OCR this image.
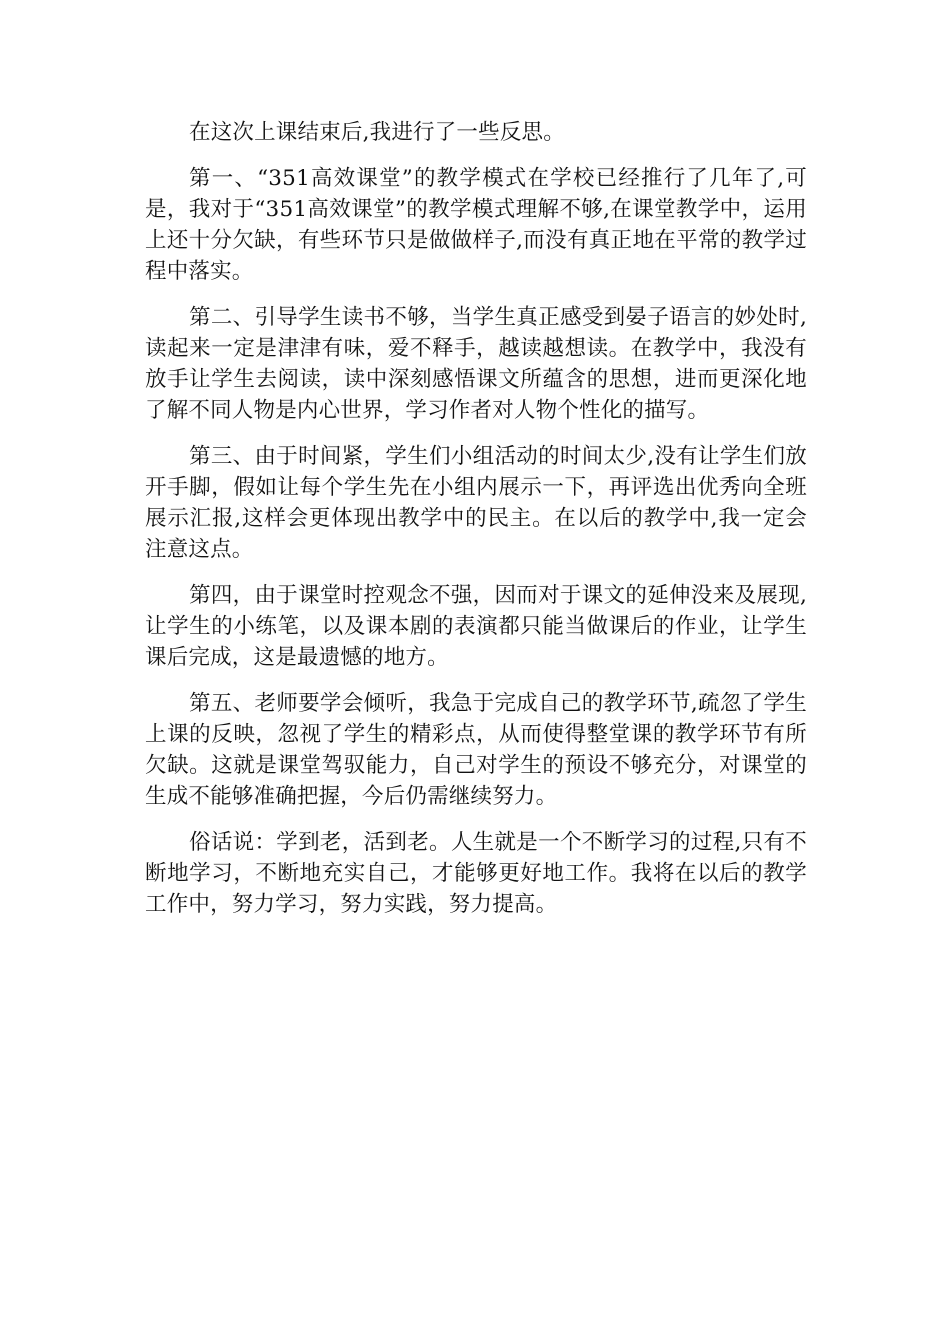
在这次上课结束后,我进行了一些反思。

第一、“351高效课堂”的教学模式在学校已经推行了几年了,可是，我对于“351高效课堂”的教学模式理解不够,在课堂教学中，运用上还十分欠缺，有些环节只是做做样子,而没有真正地在平常的教学过程中落实。

第二、引导学生读书不够，当学生真正感受到晏子语言的妙处时,读起来一定是津津有味，爱不释手，越读越想读。在教学中，我没有放手让学生去阅读，读中深刻感悟课文所蕴含的思想，进而更深化地了解不同人物是内心世界，学习作者对人物个性化的描写。

第三、由于时间紧，学生们小组活动的时间太少,没有让学生们放开手脚，假如让每个学生先在小组内展示一下，再评选出优秀向全班展示汇报,这样会更体现出教学中的民主。在以后的教学中,我一定会注意这点。

第四，由于课堂时控观念不强，因而对于课文的延伸没来及展现,让学生的小练笔，以及课本剧的表演都只能当做课后的作业，让学生课后完成，这是最遗憾的地方。

第五、老师要学会倾听，我急于完成自己的教学环节,疏忽了学生上课的反映，忽视了学生的精彩点，从而使得整堂课的教学环节有所欠缺。这就是课堂驾驭能力，自己对学生的预设不够充分，对课堂的生成不能够准确把握，今后仍需继续努力。

俗话说：学到老，活到老。人生就是一个不断学习的过程,只有不断地学习，不断地充实自己，才能够更好地工作。我将在以后的教学工作中，努力学习，努力实践，努力提高。
